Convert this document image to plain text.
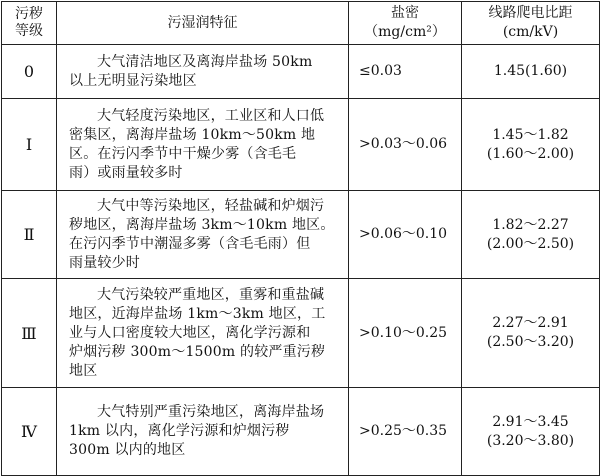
污秽
等级	污湿润特征	盐密（mg/cm²）	线路爬电比距
(cm/kV)
0	大气清洁地区及离海岸盐场 50km
以上无明显污染地区	≤0.03	1.45(1.60)
Ⅰ	大气轻度污染地区，工业区和人口低
密集区，离海岸盐场 10km～50km 地
区。在污闪季节中干燥少雾（含毛毛
雨）或雨量较多时	>0.03～0.06	1.45～1.82
(1.60～2.00)
Ⅱ	大气中等污染地区，轻盐碱和炉烟污
秽地区，离海岸盐场 3km～10km 地区。
在污闪季节中潮湿多雾（含毛毛雨）但
雨量较少时	>0.06～0.10	1.82～2.27
(2.00～2.50)
Ⅲ	大气污染较严重地区，重雾和重盐碱
地区，近海岸盐场 1km～3km 地区，工
业与人口密度较大地区，离化学污源和
炉烟污秽 300m～1500m 的较严重污秽
地区	>0.10～0.25	2.27～2.91
(2.50～3.20)
Ⅳ	大气特别严重污染地区，离海岸盐场
1km 以内，离化学污源和炉烟污秽
300m 以内的地区	>0.25～0.35	2.91～3.45
(3.20～3.80)
